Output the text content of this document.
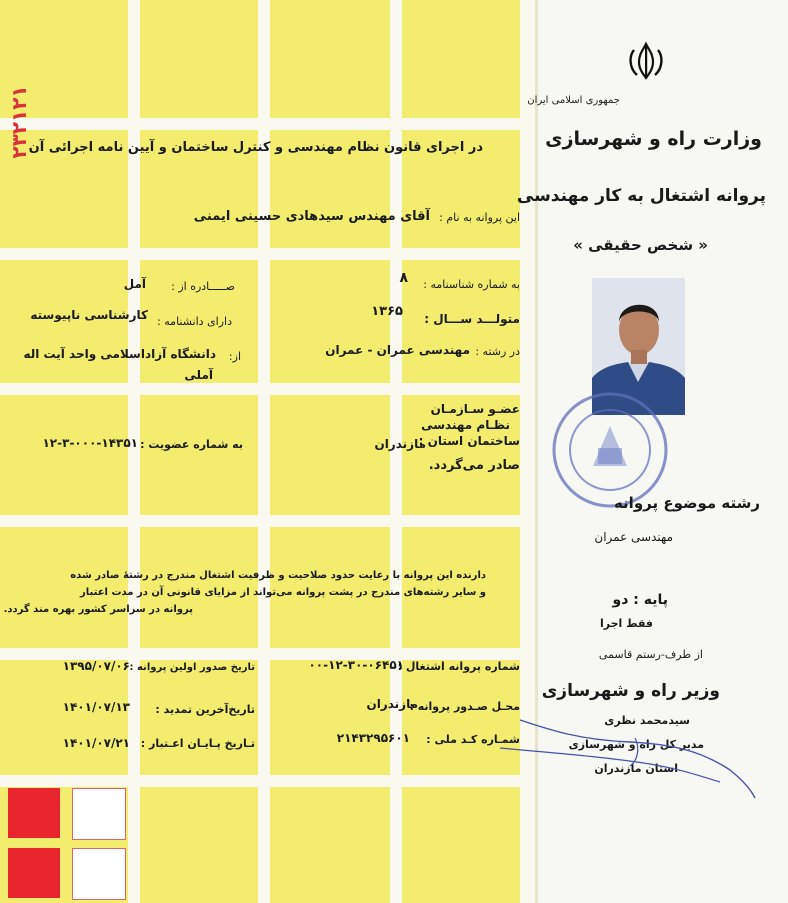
۲۳۲۱۲۱	جمهوری اسلامی ایران
وزارت راه و شهرسازی
پروانه اشتغال به کار مهندسی
« شخص حقیقی »
در اجرای قانون نظام مهندسی و کنترل ساختمان و آیین نامه اجرائی آن
این پروانه به نام :
آقای مهندس سیدهادی حسینی ایمنی
به شماره شناسنامه :
۸
صـــــادره از :
آمل
متولـــد ســـال :
۱۳۶۵
دارای دانشنامه :
کارشناسی ناپیوسته
در رشته :
مهندسی عمران - عمران
از:
دانشگاه آزاداسلامی واحد آیت اله
آملی
عضـو سـازمـان
نظـام مهندسی
ساختمان استان :
مازندران
صادر می‌گردد.
به شماره عضویت :
۱۲-۳-۰۰۰-۱۴۳۵۱
دارنده این پروانه با رعایت حدود صلاحیت و ظرفیت اشتغال مندرج در رشتهٔ صادر شده
و سایر رشته‌های مندرج در پشت پروانه می‌تواند از مزایای قانونی آن در مدت اعتبار
پروانه در سراسر کشور بهره مند گردد.
شماره پروانه اشتغال :
۰۰-۱۲-۳۰-۰۶۴۵۱
تاریخ صدور اولین پروانه :
۱۳۹۵/۰۷/۰۶
محـل صـدور پروانه :
مازندران
تاریخ‌آخرین تمدید :
۱۴۰۱/۰۷/۱۳
شمـاره کـد ملی :
۲۱۴۳۲۹۵۶۰۱
تـاریخ پـایـان اعـتبار :
۱۴۰۱/۰۷/۲۱
رشته موضوع پروانه
مهندسی عمران
پایه : دو
فقط اجرا
از طرف-رستم قاسمی
وزیر راه و شهرسازی
سیدمحمد نظری
مدیر کل راه و شهرسازی
استان مازندران
